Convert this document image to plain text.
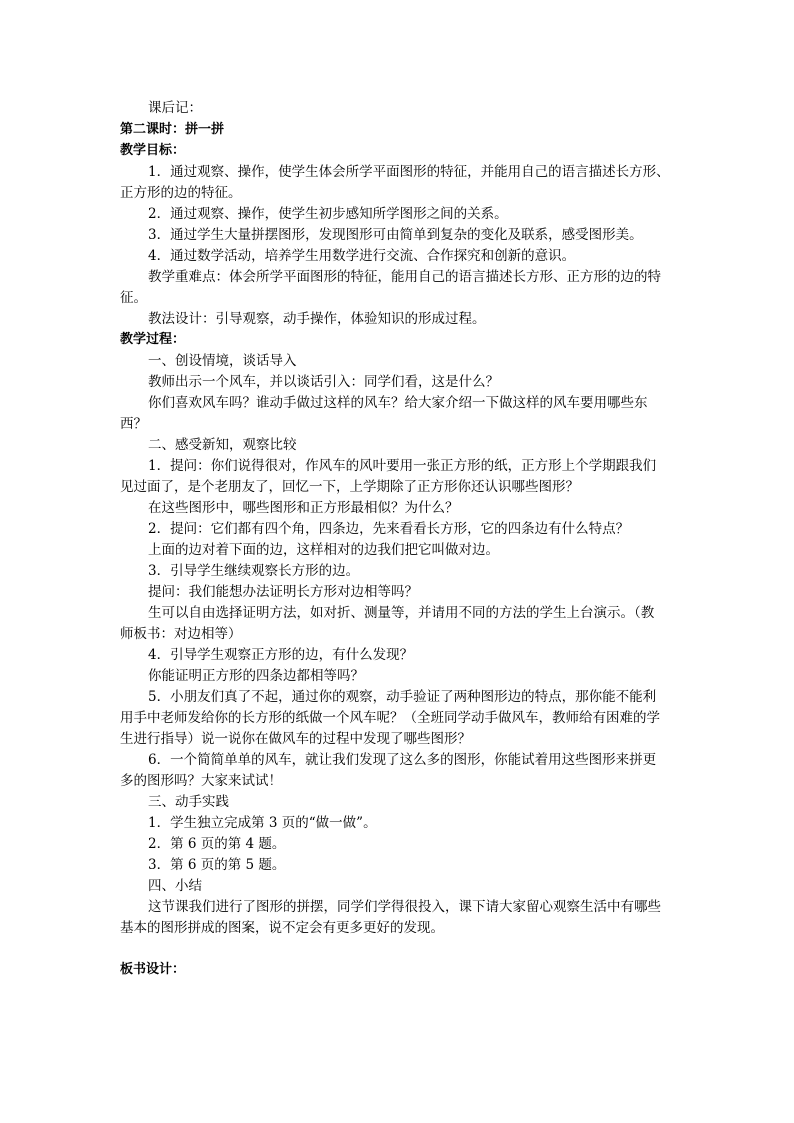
课后记：
第二课时：拼一拼
教学目标：
1．通过观察、操作，使学生体会所学平面图形的特征，并能用自己的语言描述长方形、
正方形的边的特征。
2．通过观察、操作，使学生初步感知所学图形之间的关系。
3．通过学生大量拼摆图形，发现图形可由简单到复杂的变化及联系，感受图形美。
4．通过数学活动，培养学生用数学进行交流、合作探究和创新的意识。
教学重难点：体会所学平面图形的特征，能用自己的语言描述长方形、正方形的边的特
征。
教法设计：引导观察，动手操作，体验知识的形成过程。
教学过程：
一、创设情境，谈话导入
教师出示一个风车，并以谈话引入：同学们看，这是什么？
你们喜欢风车吗？谁动手做过这样的风车？给大家介绍一下做这样的风车要用哪些东
西？
二、感受新知，观察比较
1．提问：你们说得很对，作风车的风叶要用一张正方形的纸，正方形上个学期跟我们
见过面了，是个老朋友了，回忆一下，上学期除了正方形你还认识哪些图形？
在这些图形中，哪些图形和正方形最相似？为什么？
2．提问：它们都有四个角，四条边，先来看看长方形，它的四条边有什么特点？
上面的边对着下面的边，这样相对的边我们把它叫做对边。
3．引导学生继续观察长方形的边。
提问：我们能想办法证明长方形对边相等吗？
生可以自由选择证明方法，如对折、测量等，并请用不同的方法的学生上台演示。（教
师板书：对边相等）
4．引导学生观察正方形的边，有什么发现？
你能证明正方形的四条边都相等吗？
5．小朋友们真了不起，通过你的观察，动手验证了两种图形边的特点，那你能不能利
用手中老师发给你的长方形的纸做一个风车呢？（全班同学动手做风车，教师给有困难的学
生进行指导）说一说你在做风车的过程中发现了哪些图形？
6．一个简简单单的风车，就让我们发现了这么多的图形，你能试着用这些图形来拼更
多的图形吗？大家来试试！
三、动手实践
1．学生独立完成第 3 页的“做一做”。
2．第 6 页的第 4 题。
3．第 6 页的第 5 题。
四、小结
这节课我们进行了图形的拼摆，同学们学得很投入，课下请大家留心观察生活中有哪些
基本的图形拼成的图案，说不定会有更多更好的发现。
板书设计：
